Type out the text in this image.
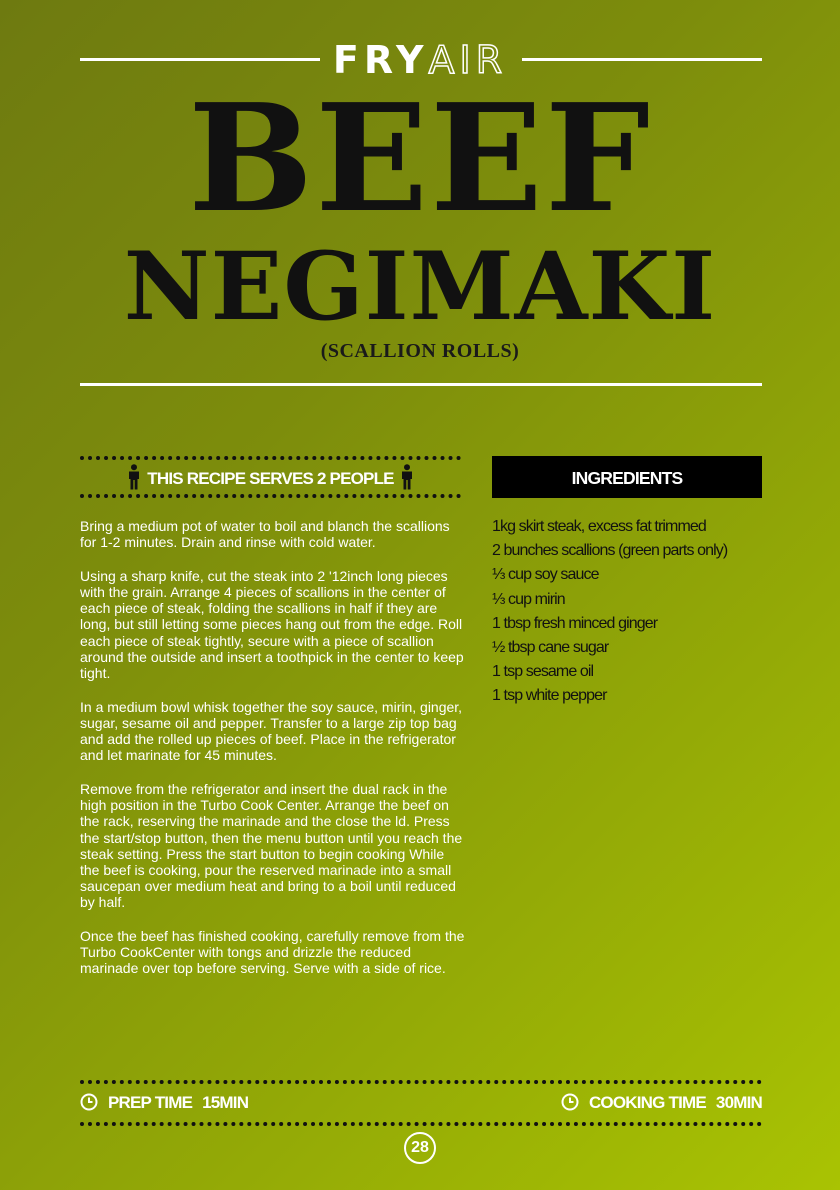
FRYAIR
BEEF
NEGIMAKI
(SCALLION ROLLS)
THIS RECIPE SERVES 2 PEOPLE

Bring a medium pot of water to boil and blanch the scallions for 1-2 minutes. Drain and rinse with cold water.

Using a sharp knife, cut the steak into 2 '12inch long pieces with the grain. Arrange 4 pieces of scallions in the center of each piece of steak, folding the scallions in half if they are long, but still letting some pieces hang out from the edge. Roll each piece of steak tightly, secure with a piece of scallion around the outside and insert a toothpick in the center to keep tight.

In a medium bowl whisk together the soy sauce, mirin, ginger, sugar, sesame oil and pepper. Transfer to a large zip top bag and add the rolled up pieces of beef. Place in the refrigerator and let marinate for 45 minutes.

Remove from the refrigerator and insert the dual rack in the high position in the Turbo Cook Center. Arrange the beef on the rack, reserving the marinade and the close the ld. Press the start/stop button, then the menu button until you reach the steak setting. Press the start button to begin cooking While the beef is cooking, pour the reserved marinade into a small saucepan over medium heat and bring to a boil until reduced by half.

Once the beef has finished cooking, carefully remove from the Turbo CookCenter with tongs and drizzle the reduced marinade over top before serving. Serve with a side of rice.

INGREDIENTS
1kg skirt steak, excess fat trimmed
2 bunches scallions (green parts only)
⅓ cup soy sauce
⅓ cup mirin
1 tbsp fresh minced ginger
½ tbsp cane sugar
1 tsp sesame oil
1 tsp white pepper
PREP TIME 15MIN	COOKING TIME 30MIN
28
